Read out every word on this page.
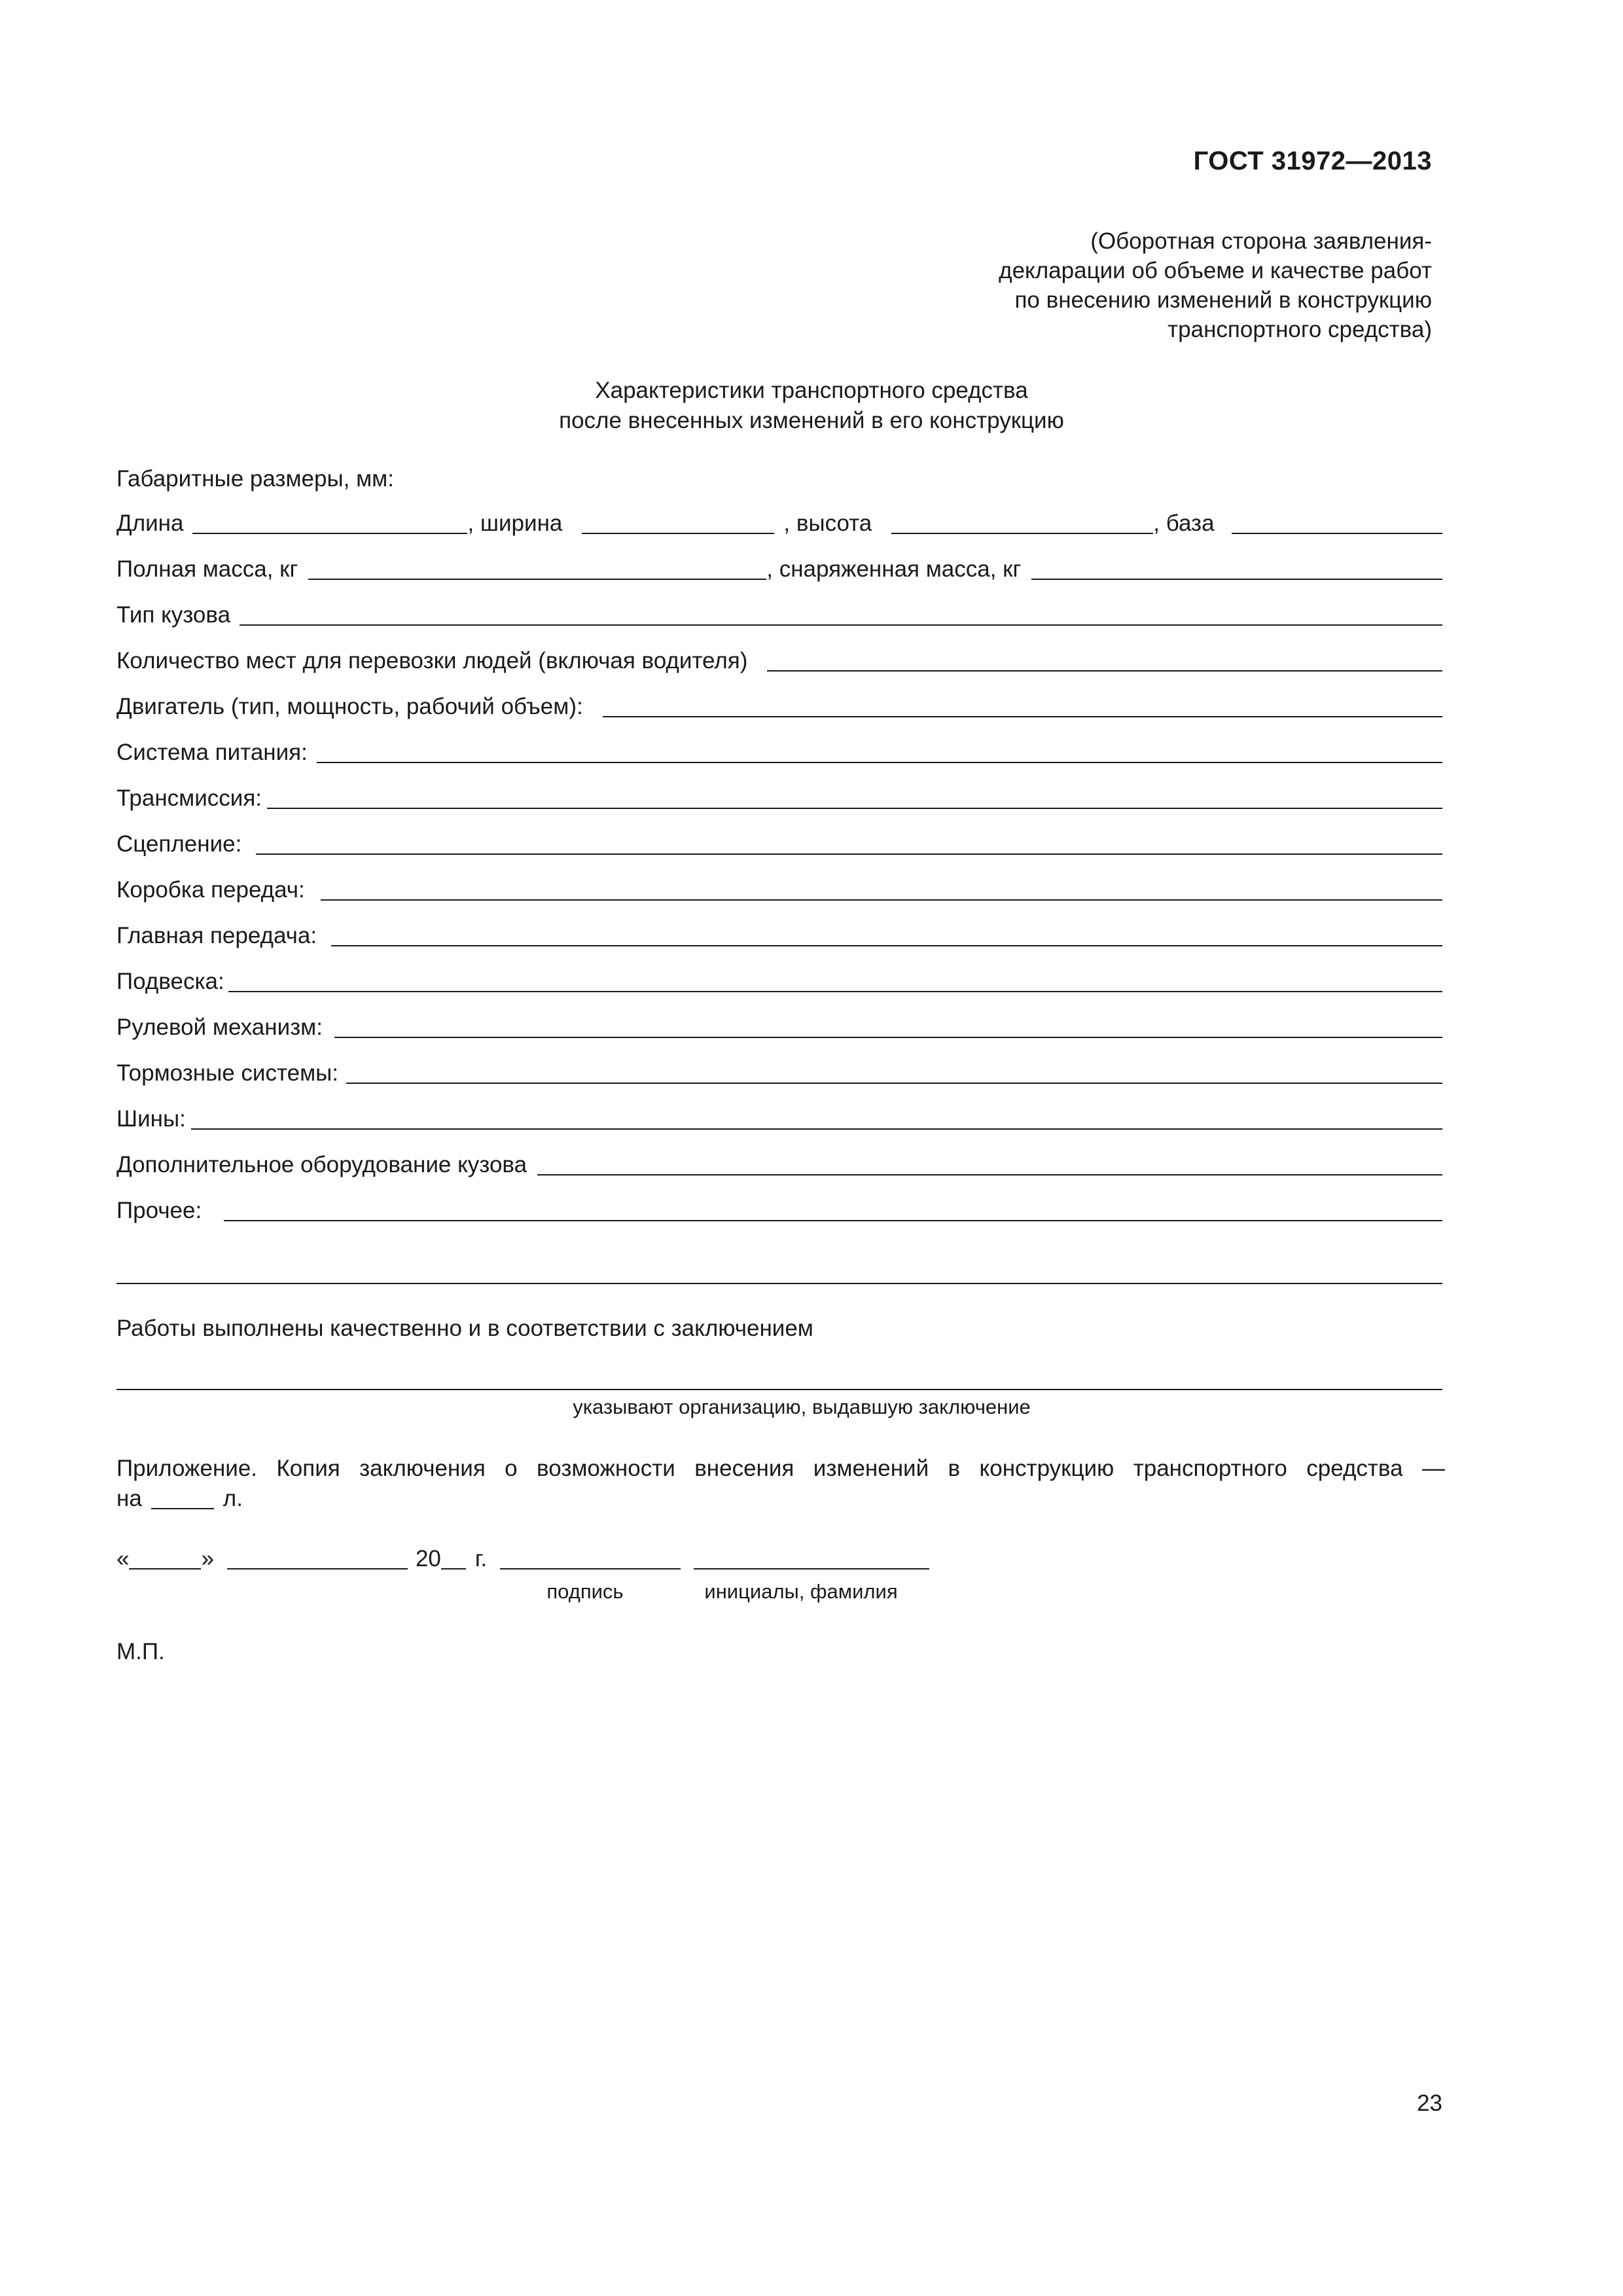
ГОСТ 31972—2013
(Оборотная сторона заявления-
декларации об объеме и качестве работ
по внесению изменений в конструкцию
транспортного средства)
Характеристики транспортного средства
после внесенных изменений в его конструкцию
Габаритные размеры, мм:
Длина	, ширина	, высота	, база
Полная масса, кг	, снаряженная масса, кг
Тип кузова
Количество мест для перевозки людей (включая водителя)
Двигатель (тип, мощность, рабочий объем):
Система питания:
Трансмиссия:
Сцепление:
Коробка передач:
Главная передача:
Подвеска:
Рулевой механизм:
Тормозные системы:
Шины:
Дополнительное оборудование кузова
Прочее:
Работы выполнены качественно и в соответствии с заключением
указывают организацию, выдавшую заключение
Приложение. Копия заключения о возможности внесения изменений в конструкцию транспортного средства —
на	л.
«	»	20 г.
подпись	инициалы, фамилия
М.П.
23
